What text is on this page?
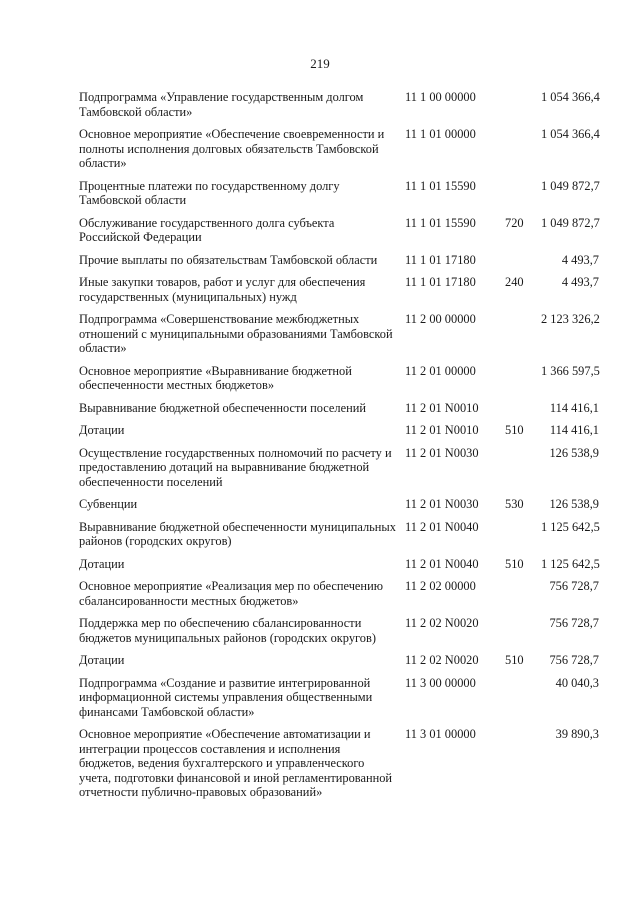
219
Подпрограмма «Управление государственным долгом Тамбовской области»	11 1 00 00000		1 054 366,4
Основное мероприятие «Обеспечение своевременности и полноты исполнения долговых обязательств Тамбовской области»	11 1 01 00000		1 054 366,4
Процентные платежи по государственному долгу Тамбовской области	11 1 01 15590		1 049 872,7
Обслуживание государственного долга субъекта Российской Федерации	11 1 01 15590	720	1 049 872,7
Прочие выплаты по обязательствам Тамбовской области	11 1 01 17180		4 493,7
Иные закупки товаров, работ и услуг для обеспечения государственных (муниципальных) нужд	11 1 01 17180	240	4 493,7
Подпрограмма «Совершенствование межбюджетных отношений с муниципальными образованиями Тамбовской области»	11 2 00 00000		2 123 326,2
Основное мероприятие «Выравнивание бюджетной обеспеченности местных бюджетов»	11 2 01 00000		1 366 597,5
Выравнивание бюджетной обеспеченности поселений	11 2 01 N0010		114 416,1
Дотации	11 2 01 N0010	510	114 416,1
Осуществление государственных полномочий по расчету и предоставлению дотаций на выравнивание бюджетной обеспеченности поселений	11 2 01 N0030		126 538,9
Субвенции	11 2 01 N0030	530	126 538,9
Выравнивание бюджетной обеспеченности муниципальных районов (городских округов)	11 2 01 N0040		1 125 642,5
Дотации	11 2 01 N0040	510	1 125 642,5
Основное мероприятие «Реализация мер по обеспечению сбалансированности местных бюджетов»	11 2 02 00000		756 728,7
Поддержка мер по обеспечению сбалансированности бюджетов муниципальных районов (городских округов)	11 2 02 N0020		756 728,7
Дотации	11 2 02 N0020	510	756 728,7
Подпрограмма «Создание и развитие интегрированной информационной системы управления общественными финансами Тамбовской области»	11 3 00 00000		40 040,3
Основное мероприятие «Обеспечение автоматизации и интеграции процессов составления и исполнения бюджетов, ведения бухгалтерского и управленческого учета, подготовки финансовой и иной регламентированной отчетности публично-правовых образований»	11 3 01 00000		39 890,3
